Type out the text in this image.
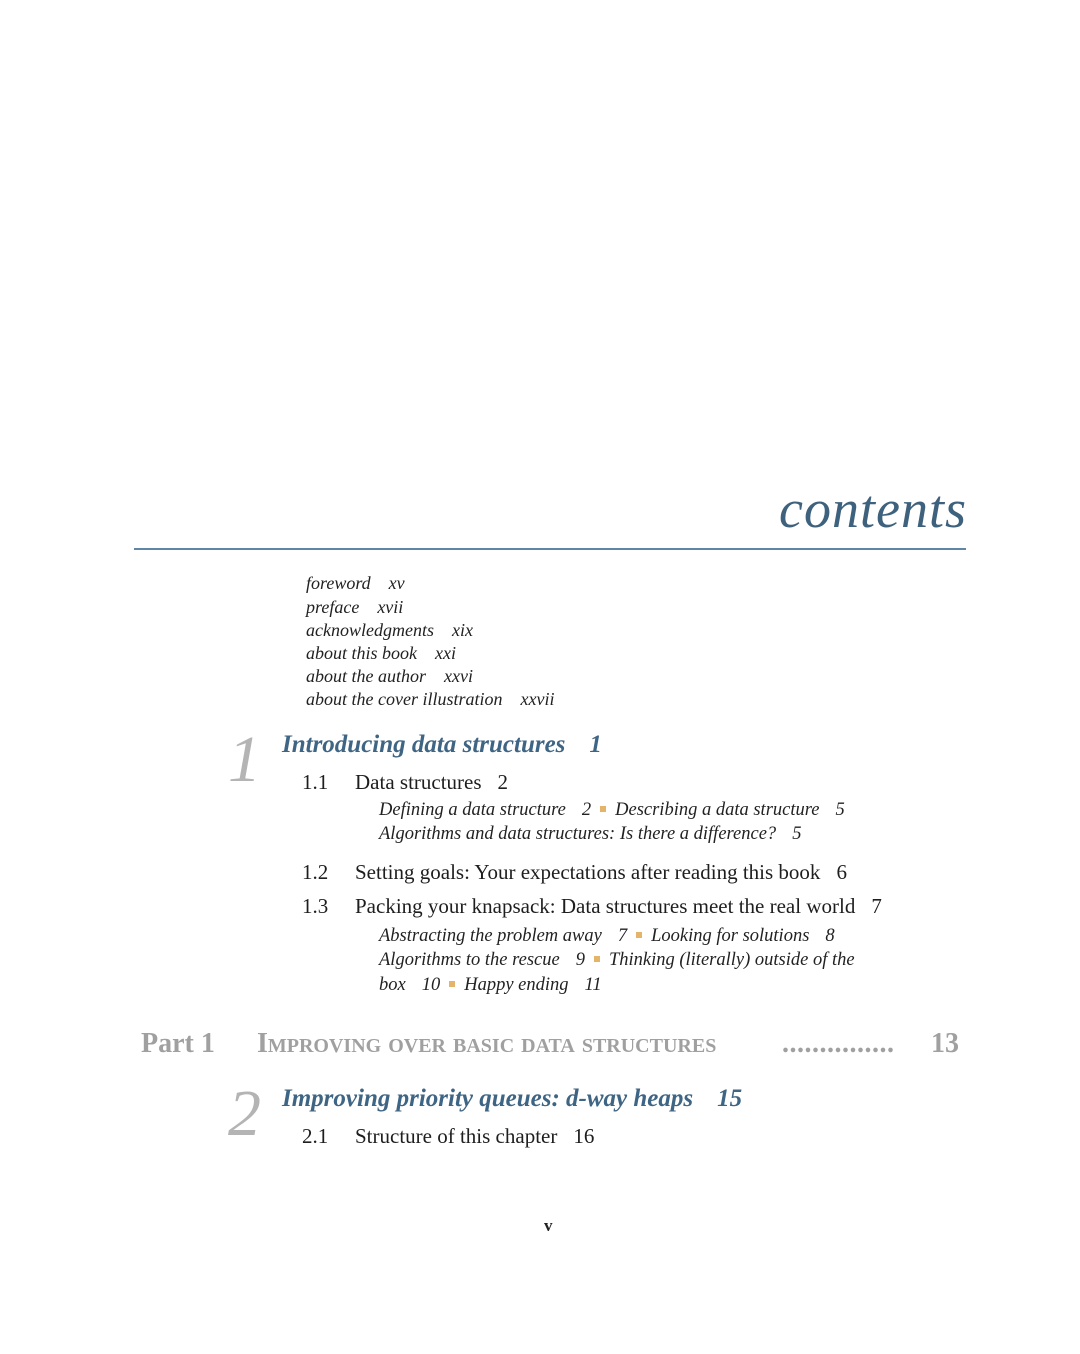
contents
foreword xv
preface xvii
acknowledgments xix
about this book xxi
about the author xxvi
about the cover illustration xxvii
1 Introducing data structures 1
1.1 Data structures 2
Defining a data structure 2 Describing a data structure 5
Algorithms and data structures: Is there a difference? 5
1.2 Setting goals: Your expectations after reading this book 6
1.3 Packing your knapsack: Data structures meet the real world 7
Abstracting the problem away 7 Looking for solutions 8
Algorithms to the rescue 9 Thinking (literally) outside of the
box 10 Happy ending 11
Part 1 Improving over basic data structures ............... 13
2 Improving priority queues: d-way heaps 15
2.1 Structure of this chapter 16
v
